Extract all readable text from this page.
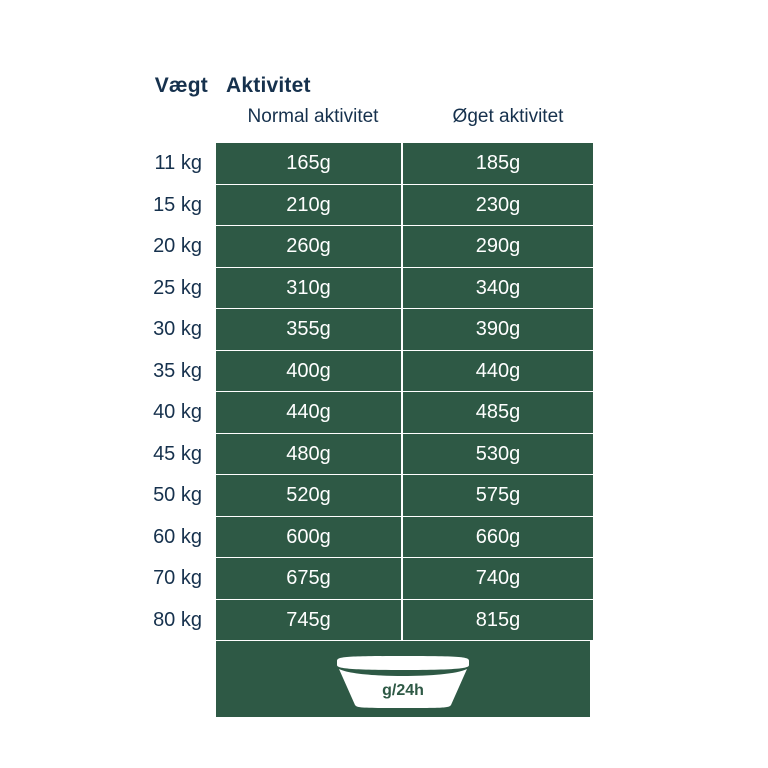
Vægt Aktivitet
Normal aktivitet	Øget aktivitet
11 kg	165g	185g
15 kg	210g	230g
20 kg	260g	290g
25 kg	310g	340g
30 kg	355g	390g
35 kg	400g	440g
40 kg	440g	485g
45 kg	480g	530g
50 kg	520g	575g
60 kg	600g	660g
70 kg	675g	740g
80 kg	745g	815g
g/24h
